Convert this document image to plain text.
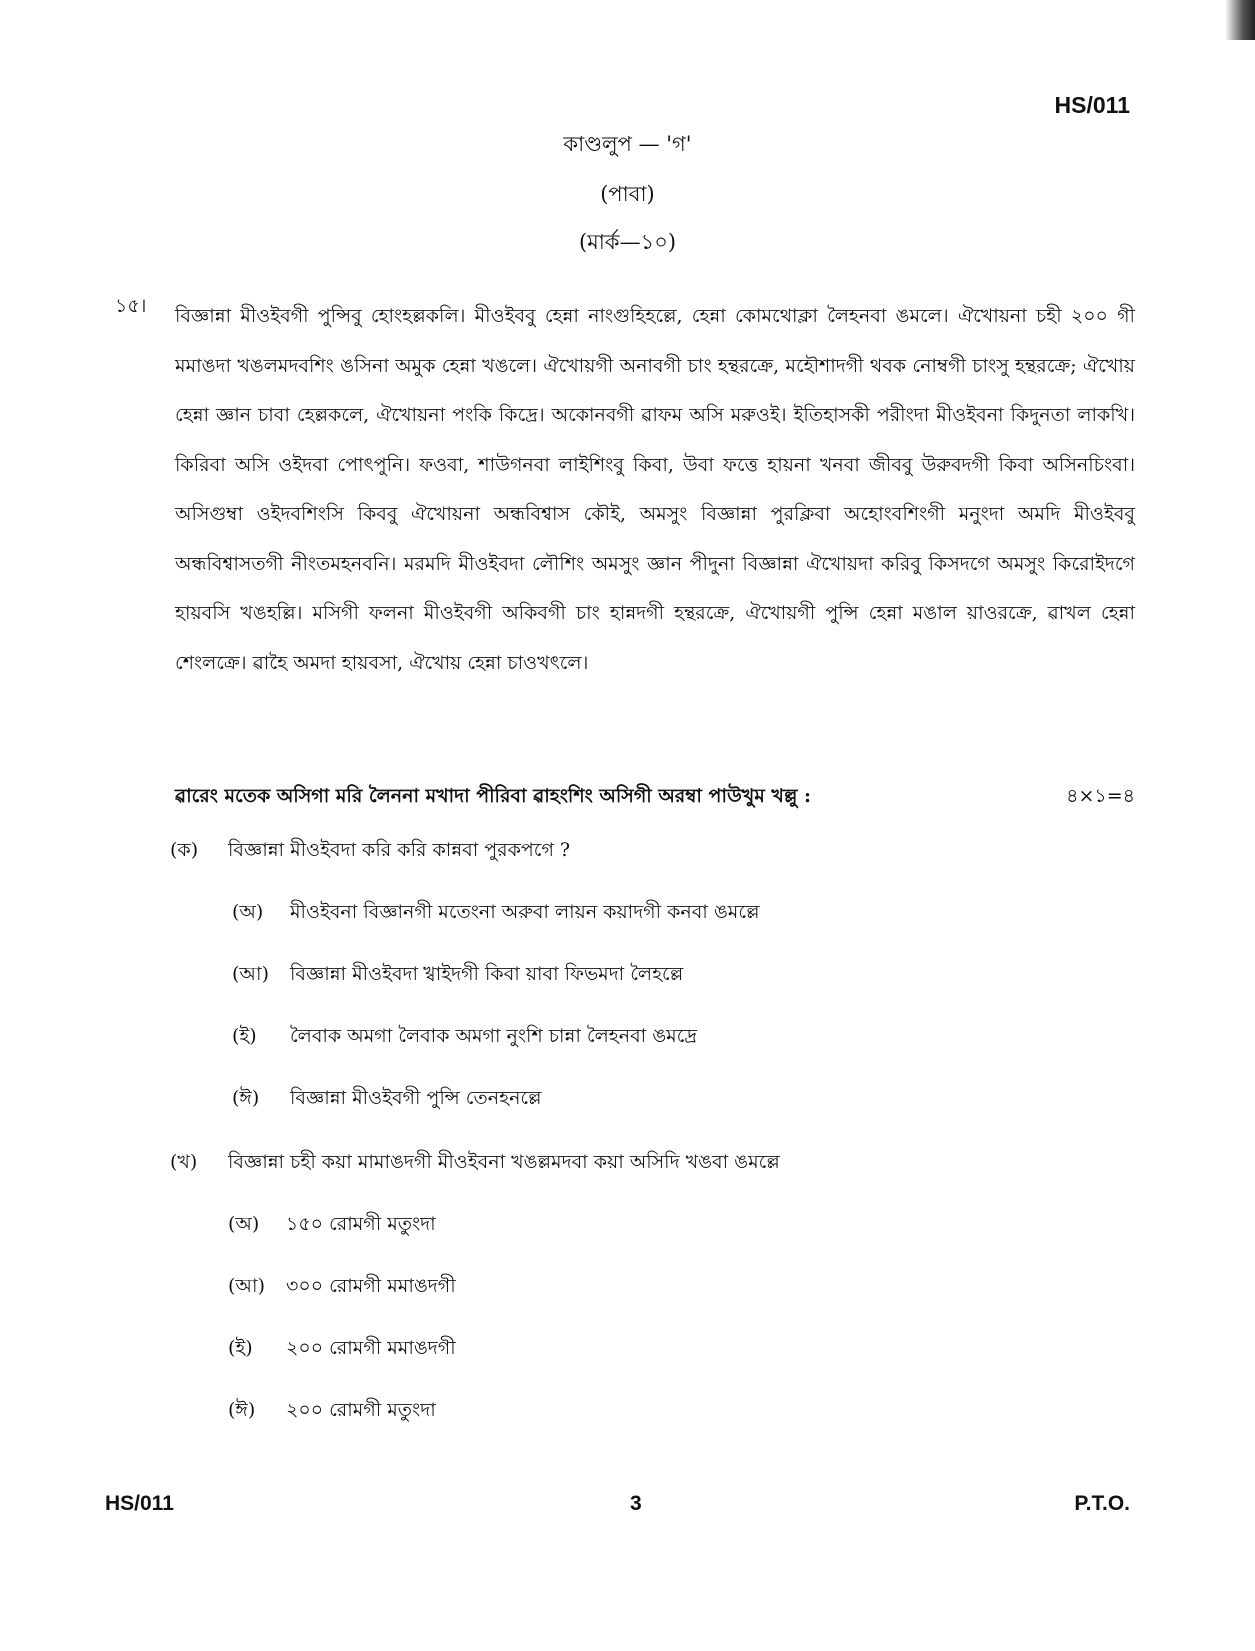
HS/011
কাণ্ডলুপ — 'গ'
(পাবা)
(মার্ক—১০)
১৫। বিজ্ঞান্না মীওইবগী পুন্সিবু হোংহল্লকলি। মীওইববু হেন্না নাংগুহিহল্লে, হেন্না কোমথোক্লা লৈহনবা ঙমলে। ঐখোয়না চহী ২০০ গী মমাঙদা খঙলমদবশিং ঙসিনা অমুক হেন্না খঙলে। ঐখোয়গী অনাবগী চাং হন্থরক্রে, মহৌশাদগী থবক নোম্বগী চাংসু হন্থরক্রে; ঐখোয় হেন্না জ্ঞান চাবা হেল্লকলে, ঐখোয়না পংকি কিদ্রে। অকোনবগী ৱাফম অসি মরুওই। ইতিহাসকী পরীংদা মীওইবনা কিদুনতা লাকখি। কিরিবা অসি ওইদবা পোৎপুনি। ফওবা, শাউগনবা লাইশিংবু কিবা, উবা ফত্তে হায়না খনবা জীববু উরুবদগী কিবা অসিনচিংবা। অসিগুম্বা ওইদবশিংসি কিববু ঐখোয়না অন্ধবিশ্বাস কৌই, অমসুং বিজ্ঞান্না পুরক্লিবা অহোংবশিংগী মনুংদা অমদি মীওইববু অন্ধবিশ্বাসতগী নীংতমহনবনি। মরমদি মীওইবদা লৌশিং অমসুং জ্ঞান পীদুনা বিজ্ঞান্না ঐখোয়দা করিবু কিসদগে অমসুং কিরোইদগে হায়বসি খঙহল্লি। মসিগী ফলনা মীওইবগী অকিবগী চাং হান্নদগী হন্থরক্রে, ঐখোয়গী পুন্সি হেন্না মঙাল য়াওরক্রে, ৱাখল হেন্না শেংলক্রে। ৱাহৈ অমদা হায়বসা, ঐখোয় হেন্না চাওখৎলে।

ৱারেং মতেক অসিগা মরি লৈননা মখাদা পীরিবা ৱাহংশিং অসিগী অরম্বা পাউখুম খল্লু :	৪×১=৪
(ক) বিজ্ঞান্না মীওইবদা করি করি কান্নবা পুরকপগে ?
(অ) মীওইবনা বিজ্ঞানগী মতেংনা অরুবা লায়ন কয়াদগী কনবা ঙমল্লে
(আ) বিজ্ঞান্না মীওইবদা খ্বাইদগী কিবা য়াবা ফিভমদা লৈহল্লে
(ই) লৈবাক অমগা লৈবাক অমগা নুংশি চান্না লৈহনবা ঙমদ্রে
(ঈ) বিজ্ঞান্না মীওইবগী পুন্সি তেনহনল্লে
(খ) বিজ্ঞান্না চহী কয়া মামাঙদগী মীওইবনা খঙল্লমদবা কয়া অসিদি খঙবা ঙমল্লে
(অ) ১৫০ রোমগী মতুংদা
(আ) ৩০০ রোমগী মমাঙদগী
(ই) ২০০ রোমগী মমাঙদগী
(ঈ) ২০০ রোমগী মতুংদা
HS/011	3	P.T.O.
